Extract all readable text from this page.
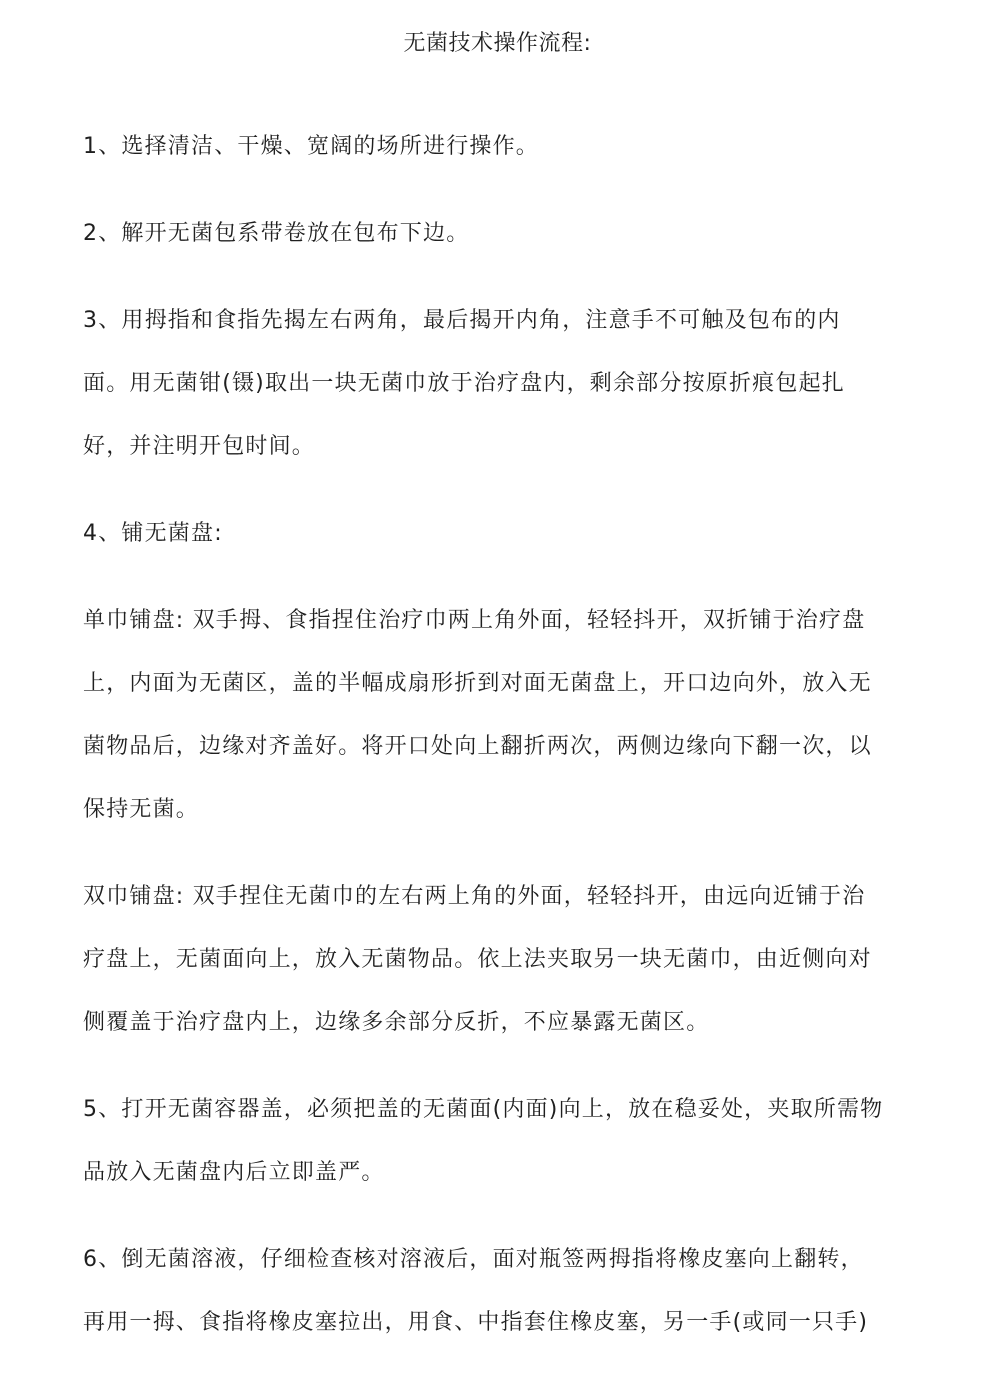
无菌技术操作流程:

1、选择清洁、干燥、宽阔的场所进行操作。

2、解开无菌包系带卷放在包布下边。

3、用拇指和食指先揭左右两角，最后揭开内角，注意手不可触及包布的内
面。用无菌钳(镊)取出一块无菌巾放于治疗盘内，剩余部分按原折痕包起扎
好，并注明开包时间。

4、铺无菌盘:

单巾铺盘: 双手拇、食指捏住治疗巾两上角外面，轻轻抖开，双折铺于治疗盘
上，内面为无菌区，盖的半幅成扇形折到对面无菌盘上，开口边向外，放入无
菌物品后，边缘对齐盖好。将开口处向上翻折两次，两侧边缘向下翻一次，以
保持无菌。

双巾铺盘: 双手捏住无菌巾的左右两上角的外面，轻轻抖开，由远向近铺于治
疗盘上，无菌面向上，放入无菌物品。依上法夹取另一块无菌巾，由近侧向对
侧覆盖于治疗盘内上，边缘多余部分反折，不应暴露无菌区。

5、打开无菌容器盖，必须把盖的无菌面(内面)向上，放在稳妥处，夹取所需物
品放入无菌盘内后立即盖严。

6、倒无菌溶液，仔细检查核对溶液后，面对瓶签两拇指将橡皮塞向上翻转，
再用一拇、食指将橡皮塞拉出，用食、中指套住橡皮塞，另一手(或同一只手)
